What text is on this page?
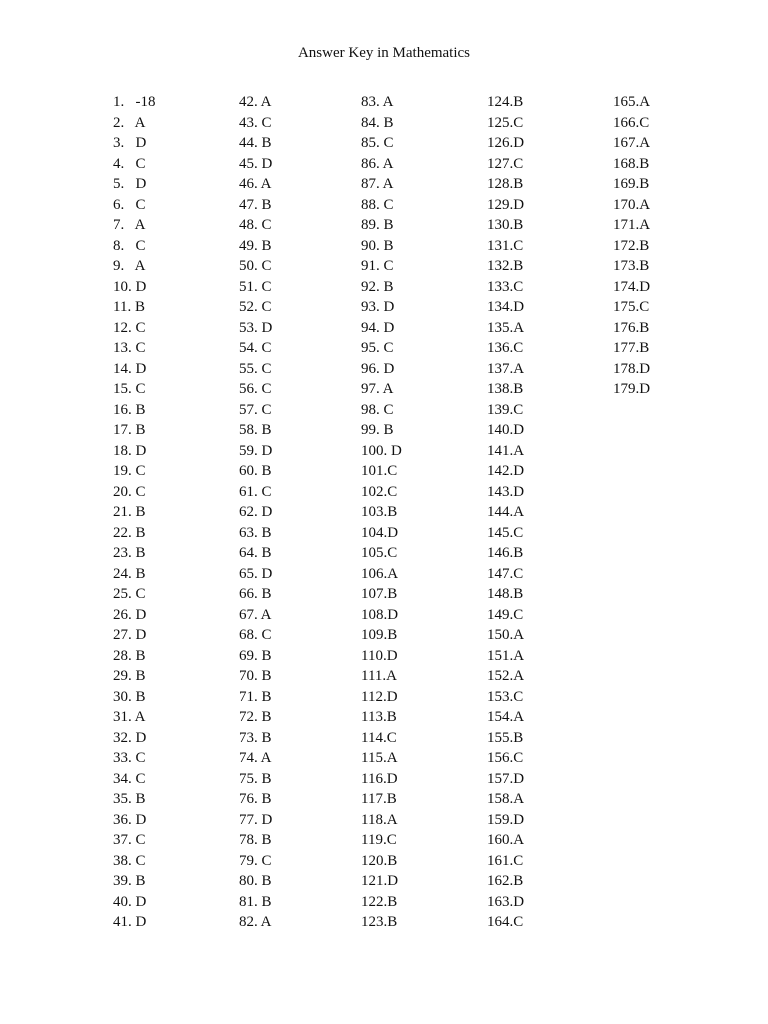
Answer Key in Mathematics
1.   -18
2.   A
3.   D
4.   C
5.   D
6.   C
7.   A
8.   C
9.   A
10. D
11. B
12. C
13. C
14. D
15. C
16. B
17. B
18. D
19. C
20. C
21. B
22. B
23. B
24. B
25. C
26. D
27. D
28. B
29. B
30. B
31. A
32. D
33. C
34. C
35. B
36. D
37. C
38. C
39. B
40. D
41. D
42. A
43. C
44. B
45. D
46. A
47. B
48. C
49. B
50. C
51. C
52. C
53. D
54. C
55. C
56. C
57. C
58. B
59. D
60. B
61. C
62. D
63. B
64. B
65. D
66. B
67. A
68. C
69. B
70. B
71. B
72. B
73. B
74. A
75. B
76. B
77. D
78. B
79. C
80. B
81. B
82. A
83. A
84. B
85. C
86. A
87. A
88. C
89. B
90. B
91. C
92. B
93. D
94. D
95. C
96. D
97. A
98. C
99. B
100. D
101.C
102.C
103.B
104.D
105.C
106.A
107.B
108.D
109.B
110.D
111.A
112.D
113.B
114.C
115.A
116.D
117.B
118.A
119.C
120.B
121.D
122.B
123.B
124.B
125.C
126.D
127.C
128.B
129.D
130.B
131.C
132.B
133.C
134.D
135.A
136.C
137.A
138.B
139.C
140.D
141.A
142.D
143.D
144.A
145.C
146.B
147.C
148.B
149.C
150.A
151.A
152.A
153.C
154.A
155.B
156.C
157.D
158.A
159.D
160.A
161.C
162.B
163.D
164.C
165.A
166.C
167.A
168.B
169.B
170.A
171.A
172.B
173.B
174.D
175.C
176.B
177.B
178.D
179.D
